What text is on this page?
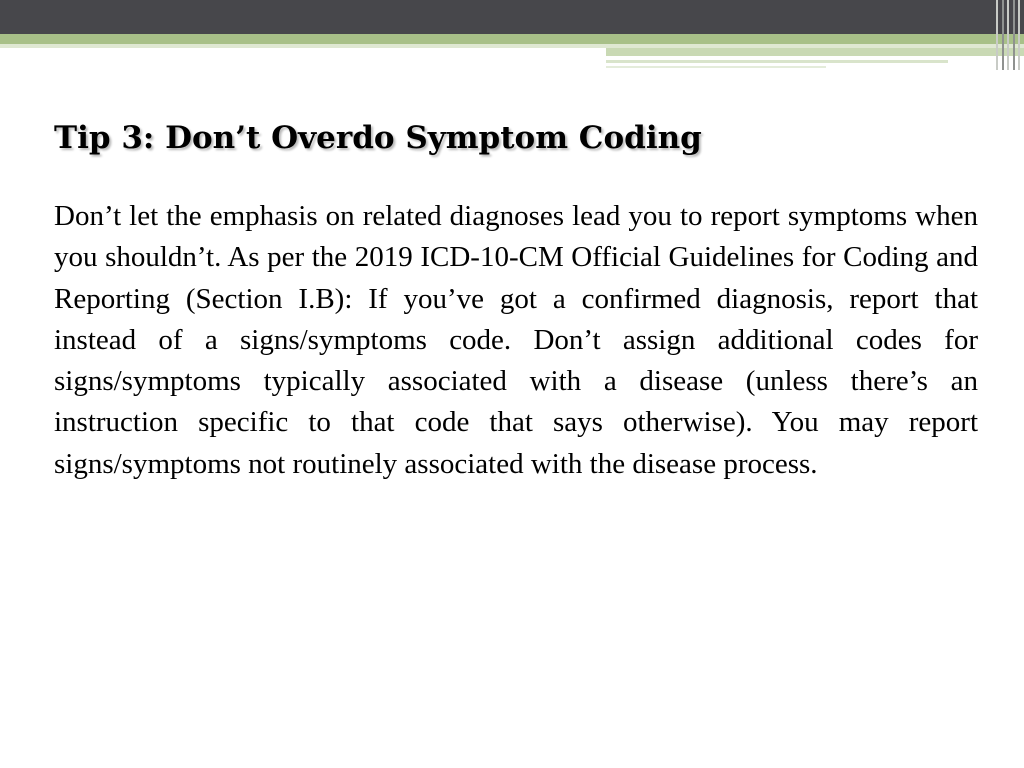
Tip 3: Don’t Overdo Symptom Coding

Don’t let the emphasis on related diagnoses lead you to report symptoms when you shouldn’t. As per the 2019 ICD-10-CM Official Guidelines for Coding and Reporting (Section I.B): If you’ve got a confirmed diagnosis, report that instead of a signs/symptoms code. Don’t assign additional codes for signs/symptoms typically associated with a disease (unless there’s an instruction specific to that code that says otherwise). You may report signs/symptoms not routinely associated with the disease process.
